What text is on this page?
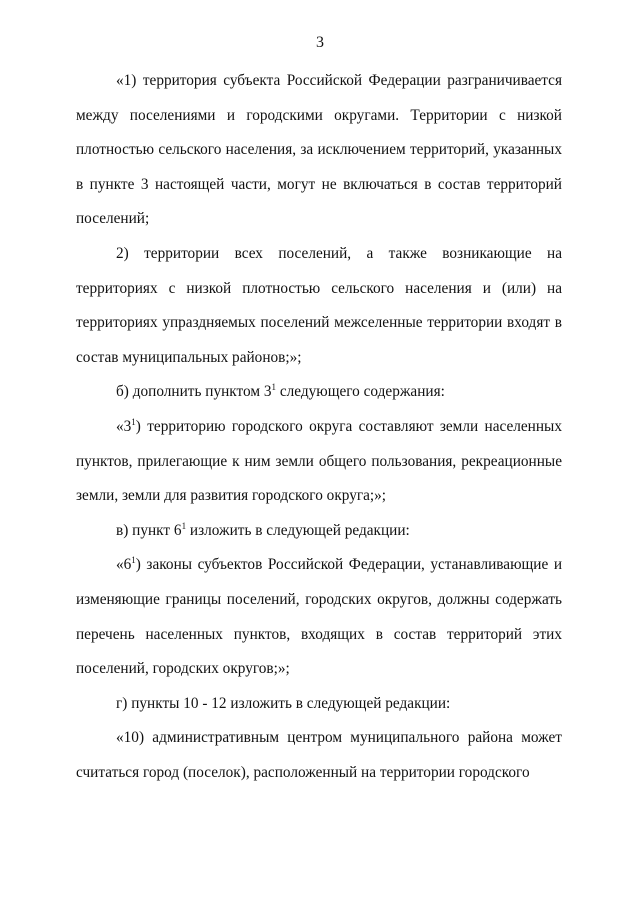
3

«1) территория субъекта Российской Федерации разграничивается между поселениями и городскими округами. Территории с низкой плотностью сельского населения, за исключением территорий, указанных в пункте 3 настоящей части, могут не включаться в состав территорий поселений;

2) территории всех поселений, а также возникающие на территориях с низкой плотностью сельского населения и (или) на территориях упраздняемых поселений межселенные территории входят в состав муниципальных районов;»;

б) дополнить пунктом $3^1$ следующего содержания:

«$3^1$) территорию городского округа составляют земли населенных пунктов, прилегающие к ним земли общего пользования, рекреационные земли, земли для развития городского округа;»;

в) пункт $6^1$ изложить в следующей редакции:

«$6^1$) законы субъектов Российской Федерации, устанавливающие и изменяющие границы поселений, городских округов, должны содержать перечень населенных пунктов, входящих в состав территорий этих поселений, городских округов;»;

г) пункты 10 - 12 изложить в следующей редакции:

«10) административным центром муниципального района может считаться город (поселок), расположенный на территории городского
